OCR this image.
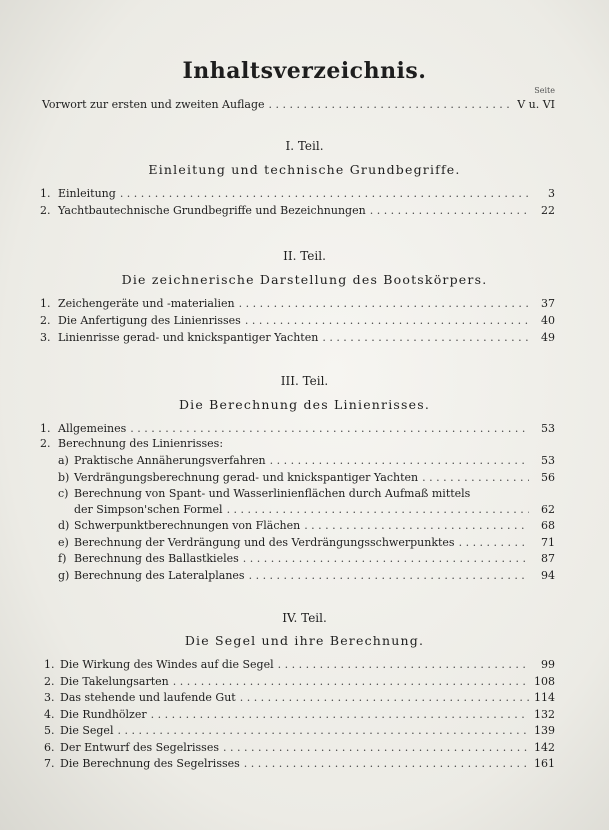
Inhaltsverzeichnis.
Seite
Vorwort zur ersten und zweiten Auflage . . .	V u. VI
I. Teil.
Einleitung und technische Grundbegriffe.
1. Einleitung . . .	3
2. Yachtbautechnische Grundbegriffe und Bezeichnungen . . .	22
II. Teil.
Die zeichnerische Darstellung des Bootskörpers.
1. Zeichengeräte und -materialien . . .	37
2. Die Anfertigung des Linienrisses . . .	40
3. Linienrisse gerad- und knickspantiger Yachten . . .	49
III. Teil.
Die Berechnung des Linienrisses.
1. Allgemeines . . .	53
2. Berechnung des Linienrisses:
a) Praktische Annäherungsverfahren . . .	53
b) Verdrängungsberechnung gerad- und knickspantiger Yachten . . .	56
c) Berechnung von Spant- und Wasserlinienflächen durch Aufmaß mittels
der Simpson'schen Formel . . .	62
d) Schwerpunktberechnungen von Flächen . . .	68
e) Berechnung der Verdrängung und des Verdrängungsschwerpunktes . . .	71
f) Berechnung des Ballastkieles . . .	87
g) Berechnung des Lateralplanes . . .	94
IV. Teil.
Die Segel und ihre Berechnung.
1. Die Wirkung des Windes auf die Segel . . .	99
2. Die Takelungsarten . . .	108
3. Das stehende und laufende Gut . . .	114
4. Die Rundhölzer . . .	132
5. Die Segel . . .	139
6. Der Entwurf des Segelrisses . . .	142
7. Die Berechnung des Segelrisses . . .	161
